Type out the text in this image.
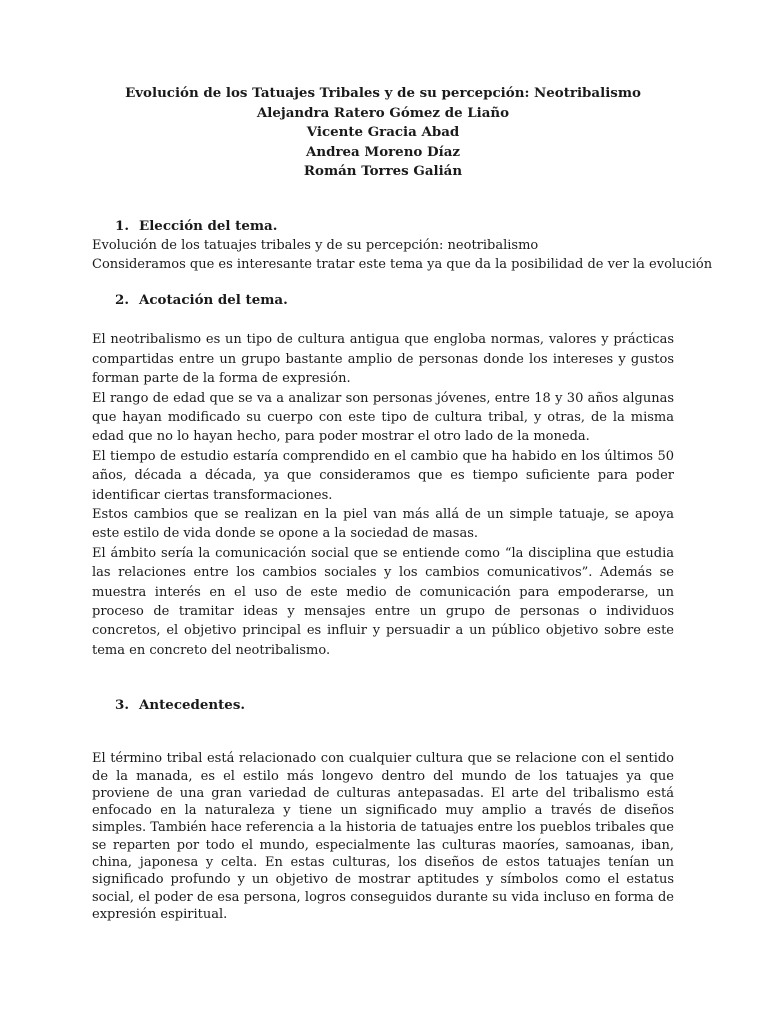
Evolución de los Tatuajes Tribales y de su percepción: Neotribalismo
Alejandra Ratero Gómez de Liaño
Vicente Gracia Abad
Andrea Moreno Díaz
Román Torres Galián
1. Elección del tema.
Evolución de los tatuajes tribales y de su percepción: neotribalismo
Consideramos que es interesante tratar este tema ya que da la posibilidad de ver la evolución
2. Acotación del tema.

El neotribalismo es un tipo de cultura antigua que engloba normas, valores y prácticas compartidas entre un grupo bastante amplio de personas donde los intereses y gustos forman parte de la forma de expresión.

El rango de edad que se va a analizar son personas jóvenes, entre 18 y 30 años algunas que hayan modificado su cuerpo con este tipo de cultura tribal, y otras, de la misma edad que no lo hayan hecho, para poder mostrar el otro lado de la moneda.

El tiempo de estudio estaría comprendido en el cambio que ha habido en los últimos 50 años, década a década, ya que consideramos que es tiempo suficiente para poder identificar ciertas transformaciones.

Estos cambios que se realizan en la piel van más allá de un simple tatuaje, se apoya este estilo de vida donde se opone a la sociedad de masas.

El ámbito sería la comunicación social que se entiende como “la disciplina que estudia las relaciones entre los cambios sociales y los cambios comunicativos”. Además se muestra interés en el uso de este medio de comunicación para empoderarse, un proceso de tramitar ideas y mensajes entre un grupo de personas o individuos concretos, el objetivo principal es influir y persuadir a un público objetivo sobre este tema en concreto del neotribalismo.

3. Antecedentes.

El término tribal está relacionado con cualquier cultura que se relacione con el sentido de la manada, es el estilo más longevo dentro del mundo de los tatuajes ya que proviene de una gran variedad de culturas antepasadas. El arte del tribalismo está enfocado en la naturaleza y tiene un significado muy amplio a través de diseños simples. También hace referencia a la historia de tatuajes entre los pueblos tribales que se reparten por todo el mundo, especialmente las culturas maoríes, samoanas, iban, china, japonesa y celta. En estas culturas, los diseños de estos tatuajes tenían un significado profundo y un objetivo de mostrar aptitudes y símbolos como el estatus social, el poder de esa persona, logros conseguidos durante su vida incluso en forma de expresión espiritual.
